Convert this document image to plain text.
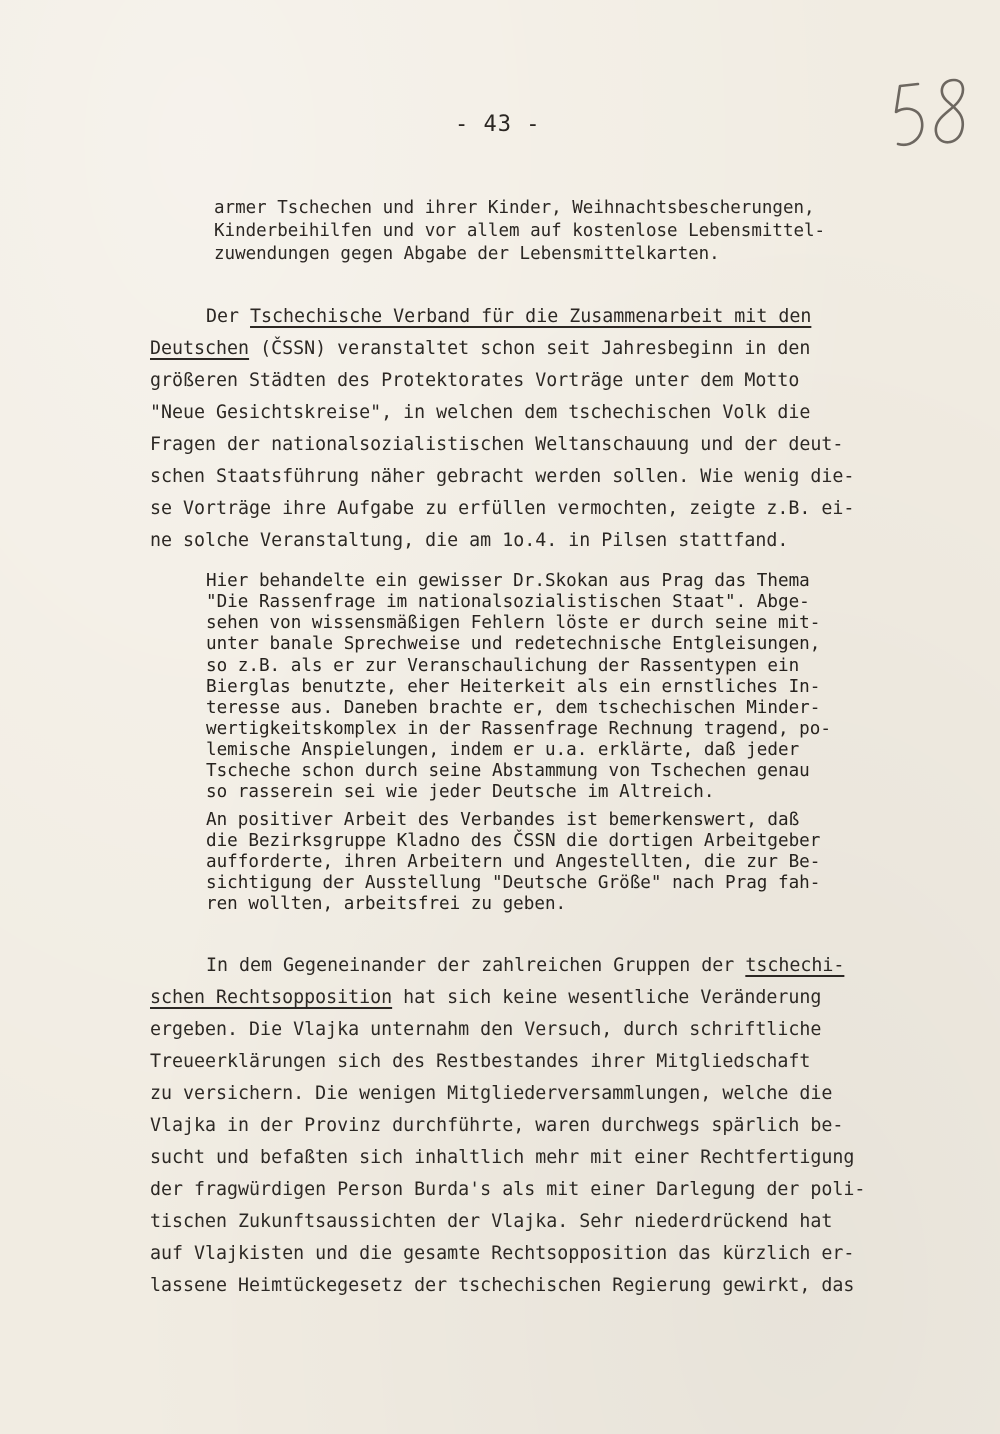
- 43 -

armer Tschechen und ihrer Kinder, Weihnachtsbescherungen,

Kinderbeihilfen und vor allem auf kostenlose Lebensmittel-

zuwendungen gegen Abgabe der Lebensmittelkarten.

Der Tschechische Verband für die Zusammenarbeit mit den

Deutschen (ČSSN) veranstaltet schon seit Jahresbeginn in den

größeren Städten des Protektorates Vorträge unter dem Motto

"Neue Gesichtskreise", in welchen dem tschechischen Volk die

Fragen der nationalsozialistischen Weltanschauung und der deut-

schen Staatsführung näher gebracht werden sollen. Wie wenig die-

se Vorträge ihre Aufgabe zu erfüllen vermochten, zeigte z.B. ei-

ne solche Veranstaltung, die am 1o.4. in Pilsen stattfand.

Hier behandelte ein gewisser Dr.Skokan aus Prag das Thema

"Die Rassenfrage im nationalsozialistischen Staat". Abge-

sehen von wissensmäßigen Fehlern löste er durch seine mit-

unter banale Sprechweise und redetechnische Entgleisungen,

so z.B. als er zur Veranschaulichung der Rassentypen ein

Bierglas benutzte, eher Heiterkeit als ein ernstliches In-

teresse aus. Daneben brachte er, dem tschechischen Minder-

wertigkeitskomplex in der Rassenfrage Rechnung tragend, po-

lemische Anspielungen, indem er u.a. erklärte, daß jeder

Tscheche schon durch seine Abstammung von Tschechen genau

so rasserein sei wie jeder Deutsche im Altreich.

An positiver Arbeit des Verbandes ist bemerkenswert, daß

die Bezirksgruppe Kladno des ČSSN die dortigen Arbeitgeber

aufforderte, ihren Arbeitern und Angestellten, die zur Be-

sichtigung der Ausstellung "Deutsche Größe" nach Prag fah-

ren wollten, arbeitsfrei zu geben.

In dem Gegeneinander der zahlreichen Gruppen der tschechi-

schen Rechtsopposition hat sich keine wesentliche Veränderung

ergeben. Die Vlajka unternahm den Versuch, durch schriftliche

Treueerklärungen sich des Restbestandes ihrer Mitgliedschaft

zu versichern. Die wenigen Mitgliederversammlungen, welche die

Vlajka in der Provinz durchführte, waren durchwegs spärlich be-

sucht und befaßten sich inhaltlich mehr mit einer Rechtfertigung

der fragwürdigen Person Burda's als mit einer Darlegung der poli-

tischen Zukunftsaussichten der Vlajka. Sehr niederdrückend hat

auf Vlajkisten und die gesamte Rechtsopposition das kürzlich er-

lassene Heimtückegesetz der tschechischen Regierung gewirkt, das
